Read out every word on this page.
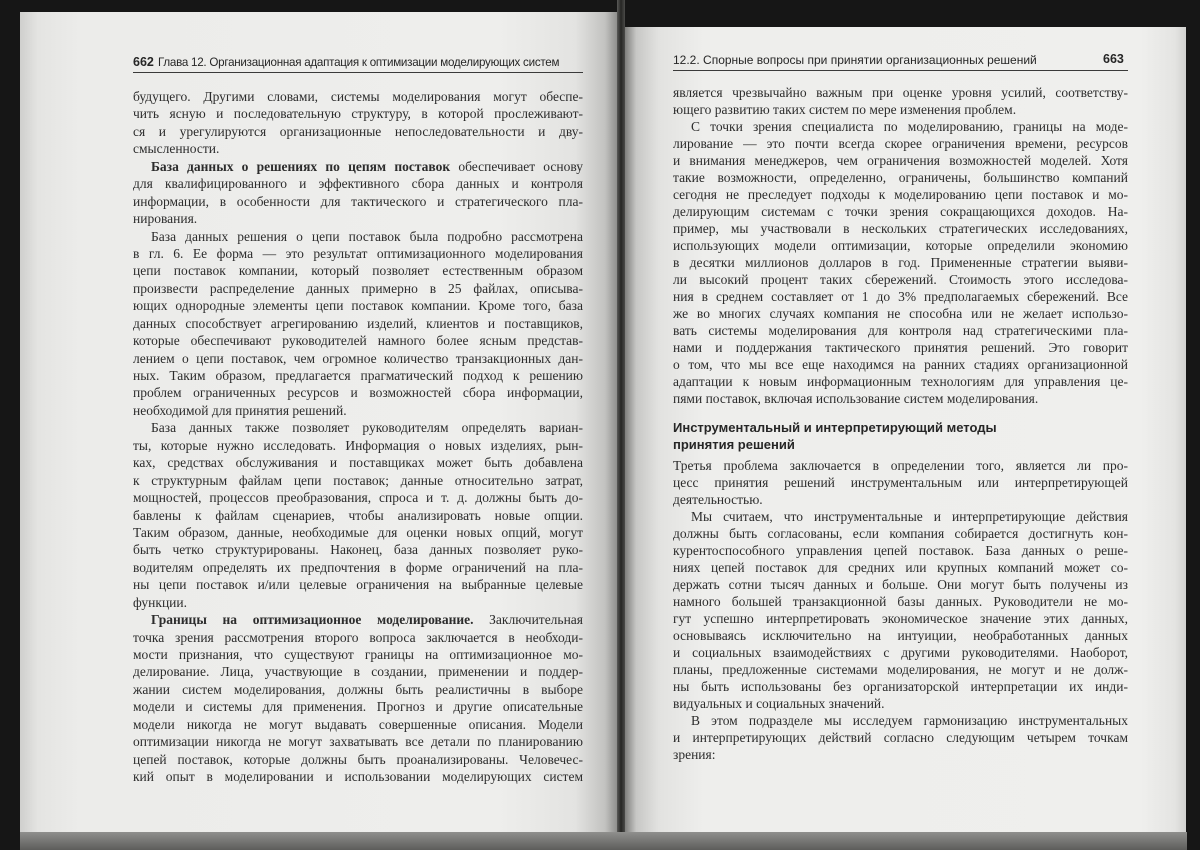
662 Глава 12. Организационная адаптация к оптимизации моделирующих систем	12.2. Спорные вопросы при принятии организационных решений	663
будущего. Другими словами, системы моделирования могут обеспе-
чить ясную и последовательную структуру, в которой прослеживают-
ся и урегулируются организационные непоследовательности и дву-
смысленности.
База данных о решениях по цепям поставок обеспечивает основу
для квалифицированного и эффективного сбора данных и контроля
информации, в особенности для тактического и стратегического пла-
нирования.
База данных решения о цепи поставок была подробно рассмотрена
в гл. 6. Ее форма — это результат оптимизационного моделирования
цепи поставок компании, который позволяет естественным образом
произвести распределение данных примерно в 25 файлах, описыва-
ющих однородные элементы цепи поставок компании. Кроме того, база
данных способствует агрегированию изделий, клиентов и поставщиков,
которые обеспечивают руководителей намного более ясным представ-
лением о цепи поставок, чем огромное количество транзакционных дан-
ных. Таким образом, предлагается прагматический подход к решению
проблем ограниченных ресурсов и возможностей сбора информации,
необходимой для принятия решений.
База данных также позволяет руководителям определять вариан-
ты, которые нужно исследовать. Информация о новых изделиях, рын-
ках, средствах обслуживания и поставщиках может быть добавлена
к структурным файлам цепи поставок; данные относительно затрат,
мощностей, процессов преобразования, спроса и т. д. должны быть до-
бавлены к файлам сценариев, чтобы анализировать новые опции.
Таким образом, данные, необходимые для оценки новых опций, могут
быть четко структурированы. Наконец, база данных позволяет руко-
водителям определять их предпочтения в форме ограничений на пла-
ны цепи поставок и/или целевые ограничения на выбранные целевые
функции.
Границы на оптимизационное моделирование. Заключительная
точка зрения рассмотрения второго вопроса заключается в необходи-
мости признания, что существуют границы на оптимизационное мо-
делирование. Лица, участвующие в создании, применении и поддер-
жании систем моделирования, должны быть реалистичны в выборе
модели и системы для применения. Прогноз и другие описательные
модели никогда не могут выдавать совершенные описания. Модели
оптимизации никогда не могут захватывать все детали по планированию
цепей поставок, которые должны быть проанализированы. Человечес-
кий опыт в моделировании и использовании моделирующих систем
является чрезвычайно важным при оценке уровня усилий, соответству-
ющего развитию таких систем по мере изменения проблем.
С точки зрения специалиста по моделированию, границы на моде-
лирование — это почти всегда скорее ограничения времени, ресурсов
и внимания менеджеров, чем ограничения возможностей моделей. Хотя
такие возможности, определенно, ограничены, большинство компаний
сегодня не преследует подходы к моделированию цепи поставок и мо-
делирующим системам с точки зрения сокращающихся доходов. На-
пример, мы участвовали в нескольких стратегических исследованиях,
использующих модели оптимизации, которые определили экономию
в десятки миллионов долларов в год. Примененные стратегии выяви-
ли высокий процент таких сбережений. Стоимость этого исследова-
ния в среднем составляет от 1 до 3% предполагаемых сбережений. Все
же во многих случаях компания не способна или не желает использо-
вать системы моделирования для контроля над стратегическими пла-
нами и поддержания тактического принятия решений. Это говорит
о том, что мы все еще находимся на ранних стадиях организационной
адаптации к новым информационным технологиям для управления це-
пями поставок, включая использование систем моделирования.
Инструментальный и интерпретирующий методы
принятия решений
Третья проблема заключается в определении того, является ли про-
цесс принятия решений инструментальным или интерпретирующей
деятельностью.
Мы считаем, что инструментальные и интерпретирующие действия
должны быть согласованы, если компания собирается достигнуть кон-
курентоспособного управления цепей поставок. База данных о реше-
ниях цепей поставок для средних или крупных компаний может со-
держать сотни тысяч данных и больше. Они могут быть получены из
намного большей транзакционной базы данных. Руководители не мо-
гут успешно интерпретировать экономическое значение этих данных,
основываясь исключительно на интуиции, необработанных данных
и социальных взаимодействиях с другими руководителями. Наоборот,
планы, предложенные системами моделирования, не могут и не долж-
ны быть использованы без организаторской интерпретации их инди-
видуальных и социальных значений.
В этом подразделе мы исследуем гармонизацию инструментальных
и интерпретирующих действий согласно следующим четырем точкам
зрения:
